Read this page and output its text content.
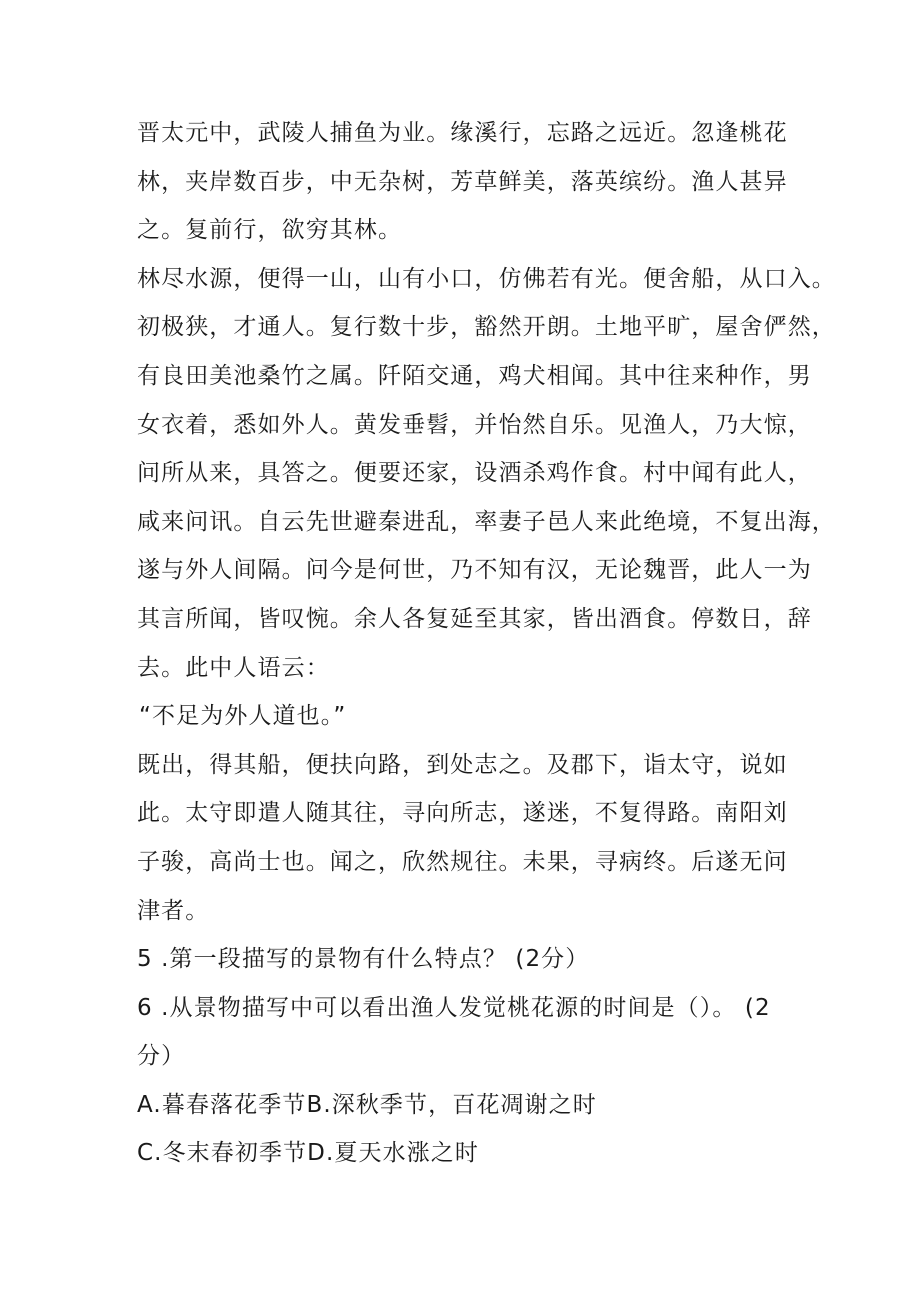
晋太元中，武陵人捕鱼为业。缘溪行，忘路之远近。忽逢桃花
林，夹岸数百步，中无杂树，芳草鲜美，落英缤纷。渔人甚异
之。复前行，欲穷其林。
林尽水源，便得一山，山有小口，仿佛若有光。便舍船，从口入。
初极狭，才通人。复行数十步，豁然开朗。土地平旷，屋舍俨然，
有良田美池桑竹之属。阡陌交通，鸡犬相闻。其中往来种作，男
女衣着，悉如外人。黄发垂髫，并怡然自乐。见渔人，乃大惊，
问所从来，具答之。便要还家，设酒杀鸡作食。村中闻有此人，
咸来问讯。自云先世避秦进乱，率妻子邑人来此绝境，不复出海，
遂与外人间隔。问今是何世，乃不知有汉，无论魏晋，此人一为
其言所闻，皆叹惋。余人各复延至其家，皆出酒食。停数日，辞
去。此中人语云：
“不足为外人道也。”
既出，得其船，便扶向路，到处志之。及郡下，诣太守，说如
此。太守即遣人随其往，寻向所志，遂迷，不复得路。南阳刘
子骏，高尚士也。闻之，欣然规往。未果，寻病终。后遂无问
津者。
5 .第一段描写的景物有什么特点？ (2分）
6 .从景物描写中可以看出渔人发觉桃花源的时间是（）。 (2
分）
A.暮春落花季节B.深秋季节，百花凋谢之时
C.冬末春初季节D.夏天水涨之时
